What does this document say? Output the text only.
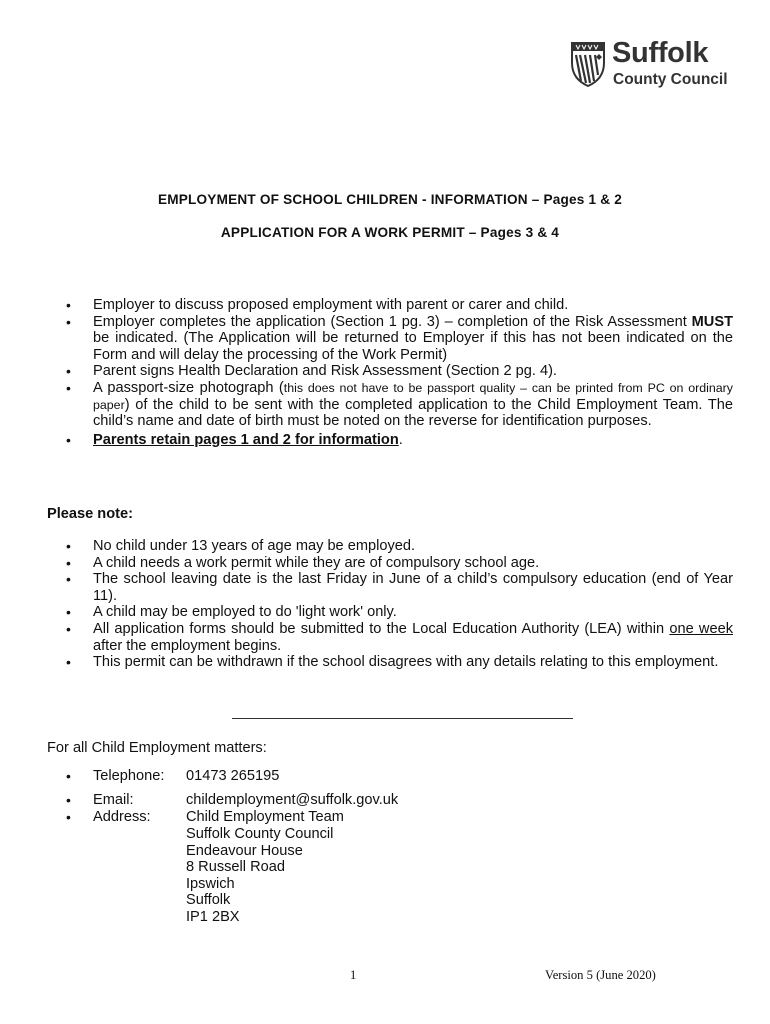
Suffolk
County Council
EMPLOYMENT OF SCHOOL CHILDREN - INFORMATION – Pages 1 & 2
APPLICATION FOR A WORK PERMIT – Pages 3 & 4
• Employer to discuss proposed employment with parent or carer and child.
• Employer completes the application (Section 1 pg. 3) – completion of the Risk Assessment MUST be indicated. (The Application will be returned to Employer if this has not been indicated on the Form and will delay the processing of the Work Permit)
• Parent signs Health Declaration and Risk Assessment (Section 2 pg. 4).
• A passport-size photograph (this does not have to be passport quality – can be printed from PC on ordinary paper) of the child to be sent with the completed application to the Child Employment Team. The child’s name and date of birth must be noted on the reverse for identification purposes.
• Parents retain pages 1 and 2 for information.
Please note:
• No child under 13 years of age may be employed.
• A child needs a work permit while they are of compulsory school age.
• The school leaving date is the last Friday in June of a child’s compulsory education (end of Year 11).
• A child may be employed to do 'light work' only.
• All application forms should be submitted to the Local Education Authority (LEA) within one week after the employment begins.
• This permit can be withdrawn if the school disagrees with any details relating to this employment.
For all Child Employment matters:
• Telephone: 01473 265195
• Email:	childemployment@suffolk.gov.uk
• Address: Child Employment Team
Suffolk County Council
Endeavour House
8 Russell Road
Ipswich
Suffolk
IP1 2BX
1	Version 5 (June 2020)
